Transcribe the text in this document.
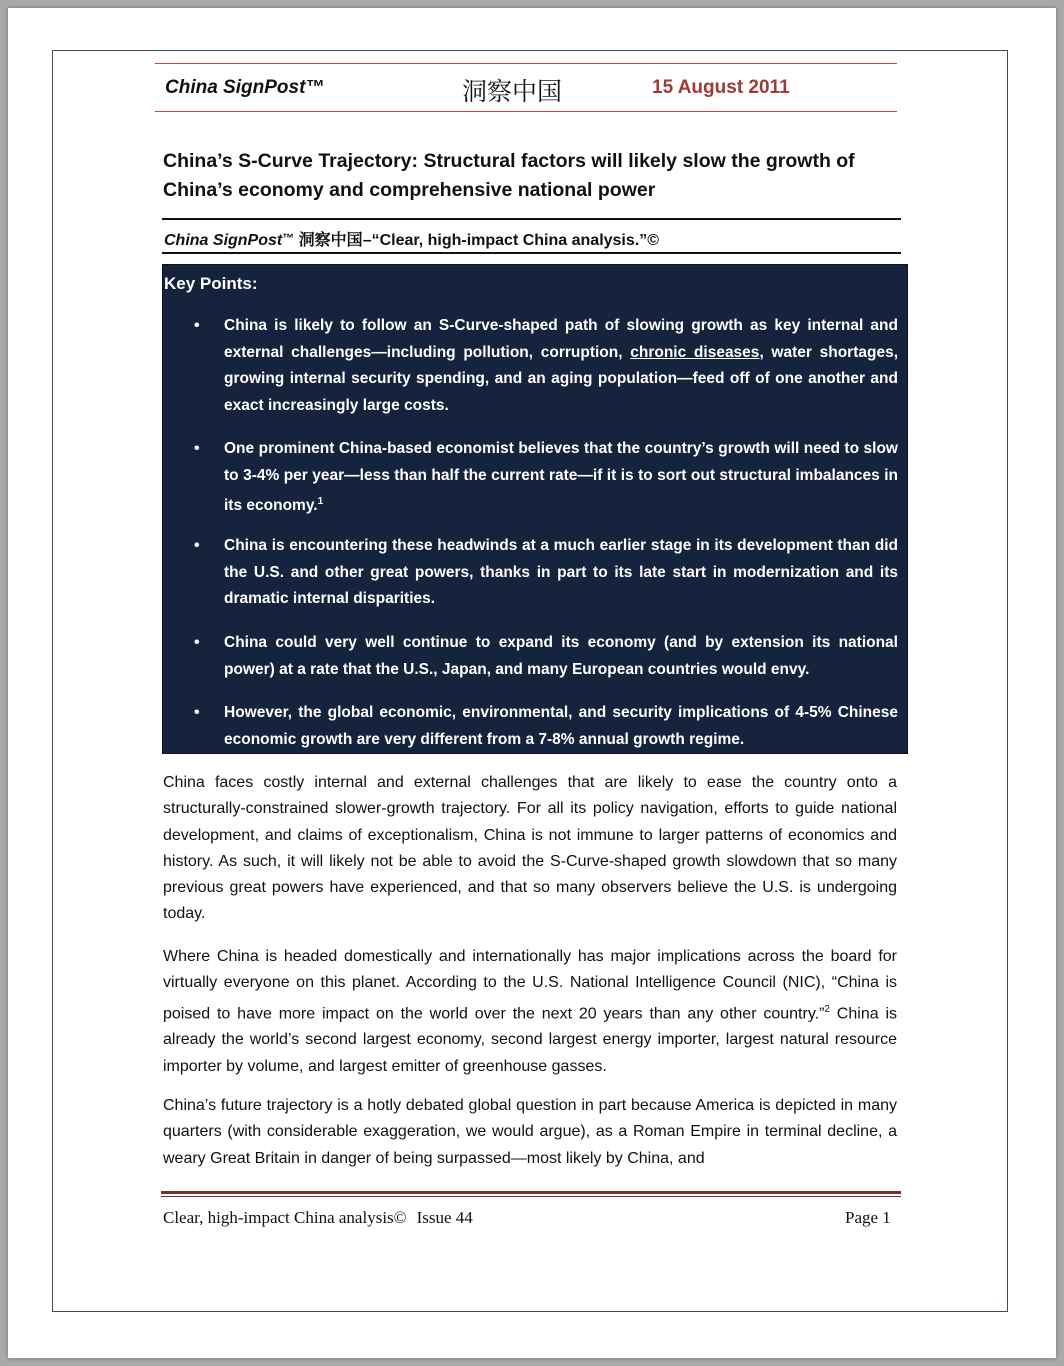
China SignPost™	洞察中国	15 August 2011
China’s S-Curve Trajectory: Structural factors will likely slow the growth of China’s economy and comprehensive national power
China SignPost™ 洞察中国–“Clear, high-impact China analysis.”©
Key Points:
• China is likely to follow an S-Curve-shaped path of slowing growth as key internal and external challenges—including pollution, corruption, chronic diseases, water shortages, growing internal security spending, and an aging population—feed off of one another and exact increasingly large costs.
• One prominent China-based economist believes that the country’s growth will need to slow to 3-4% per year—less than half the current rate—if it is to sort out structural imbalances in its economy.$^1$
• China is encountering these headwinds at a much earlier stage in its development than did the U.S. and other great powers, thanks in part to its late start in modernization and its dramatic internal disparities.
• China could very well continue to expand its economy (and by extension its national power) at a rate that the U.S., Japan, and many European countries would envy.
• However, the global economic, environmental, and security implications of 4-5% Chinese economic growth are very different from a 7-8% annual growth regime.
China faces costly internal and external challenges that are likely to ease the country onto a structurally-constrained slower-growth trajectory. For all its policy navigation, efforts to guide national development, and claims of exceptionalism, China is not immune to larger patterns of economics and history. As such, it will likely not be able to avoid the S-Curve-shaped growth slowdown that so many previous great powers have experienced, and that so many observers believe the U.S. is undergoing today.
Where China is headed domestically and internationally has major implications across the board for virtually everyone on this planet. According to the U.S. National Intelligence Council (NIC), “China is poised to have more impact on the world over the next 20 years than any other country.”$^2$ China is already the world’s second largest economy, second largest energy importer, largest natural resource importer by volume, and largest emitter of greenhouse gasses.
China’s future trajectory is a hotly debated global question in part because America is depicted in many quarters (with considerable exaggeration, we would argue), as a Roman Empire in terminal decline, a weary Great Britain in danger of being surpassed—most likely by China, and
Clear, high-impact China analysis© Issue 44	Page 1
